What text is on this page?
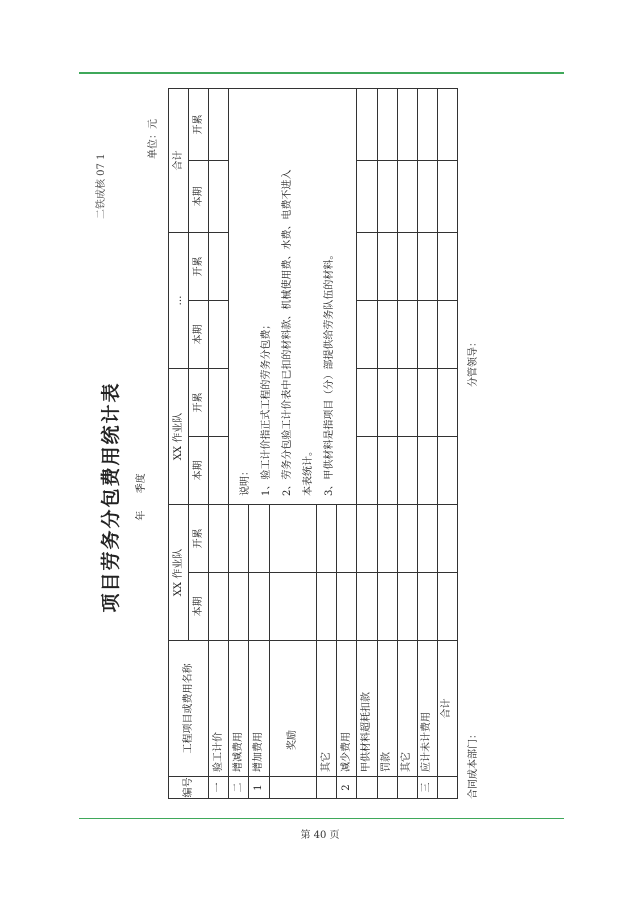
二铁成核 07 1
项目劳务分包费用统计表	年 季度
单位：元
编号	工程项目或费用名称	XX 作业队		XX 作业队		…		合计		
		本期	开累	本期	开累	本期	开累	本期	开累	
一	验工计价									
二	增减费用			说明： 1、验工计价指正式工程的劳务分包费； 2、劳务分包验工计价表中已扣的材料款、机械使用费、水费、电费不进入 本表统计。 3、甲供材料是指项目（分）部提供给劳务队伍的材料。						

1	增加费用									
	奖励									
	其它									
2	减少费用									
	甲供材料超耗扣款									
	罚款									
	其它									
三	应计未计费用									
	合计									
合同成本部门：
分管领导：
第 40 页
